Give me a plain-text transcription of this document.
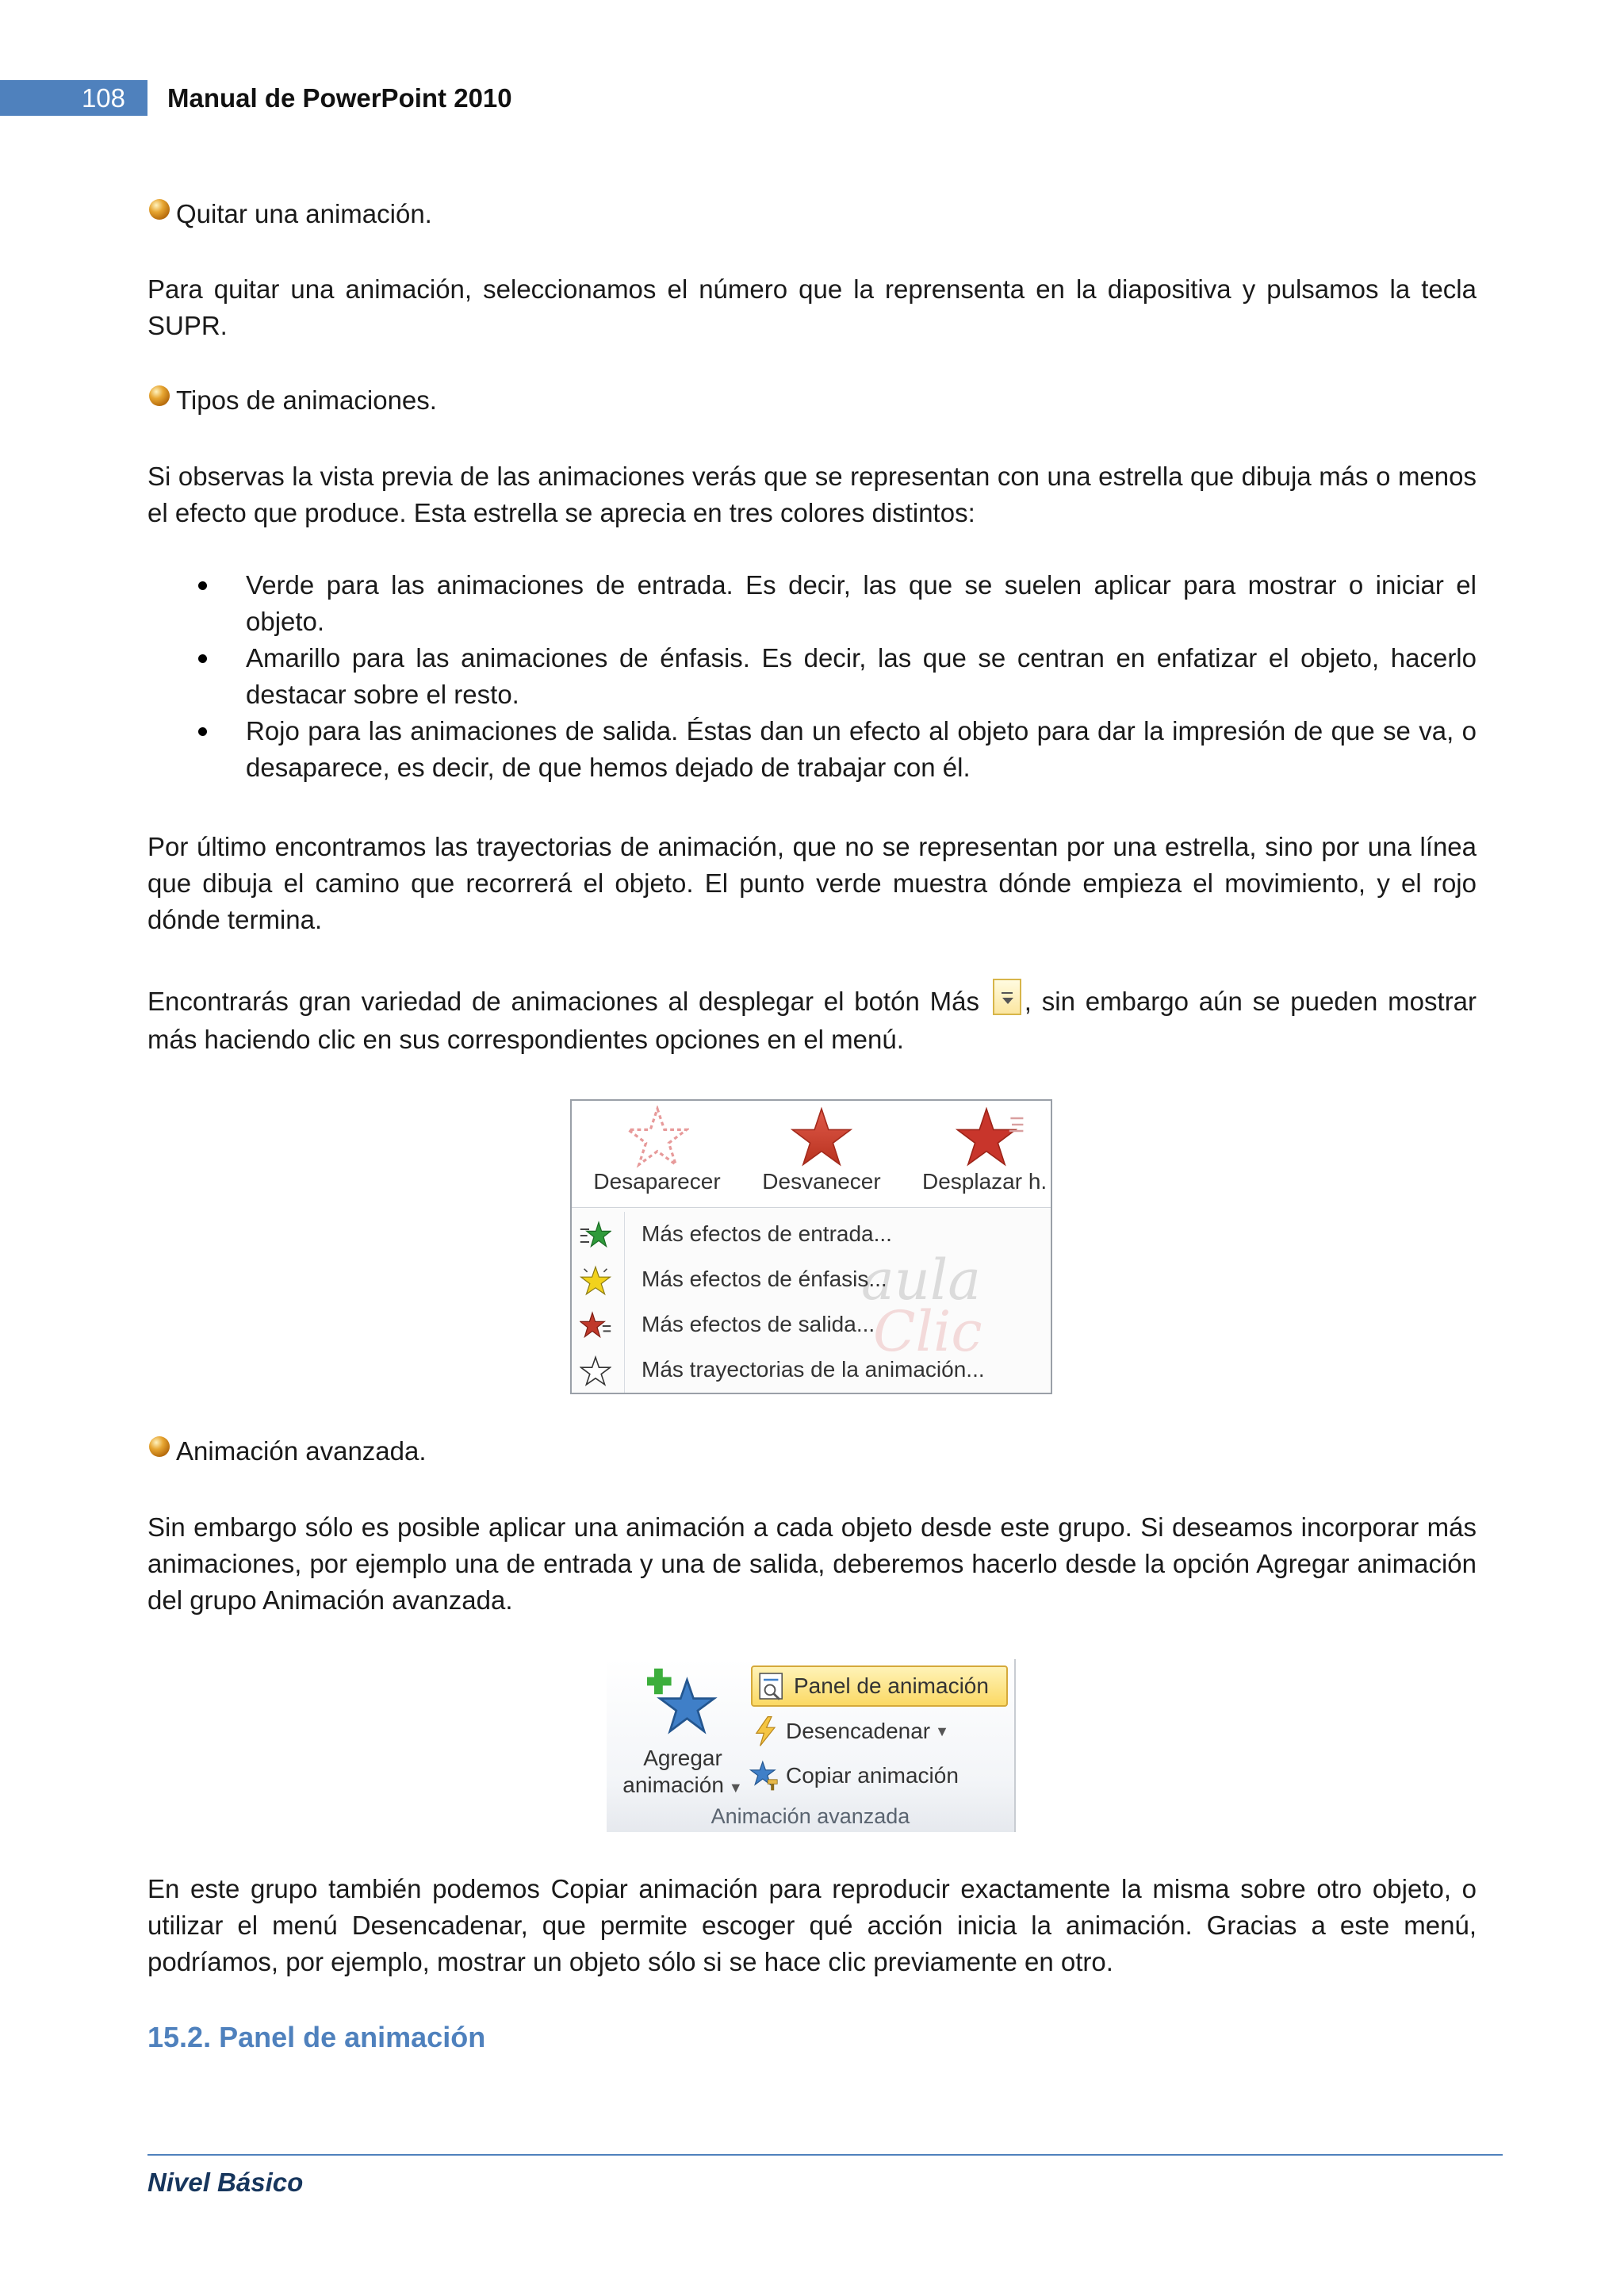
108	Manual de PowerPoint 2010
Quitar una animación.

Para quitar una animación, seleccionamos el número que la reprensenta en la diapositiva y pulsamos la tecla SUPR.

Tipos de animaciones.

Si observas la vista previa de las animaciones verás que se representan con una estrella que dibuja más o menos el efecto que produce. Esta estrella se aprecia en tres colores distintos:

Verde para las animaciones de entrada. Es decir, las que se suelen aplicar para mostrar o iniciar el objeto.
Amarillo para las animaciones de énfasis. Es decir, las que se centran en enfatizar el objeto, hacerlo destacar sobre el resto.
Rojo para las animaciones de salida. Éstas dan un efecto al objeto para dar la impresión de que se va, o desaparece, es decir, de que hemos dejado de trabajar con él.

Por último encontramos las trayectorias de animación, que no se representan por una estrella, sino por una línea que dibuja el camino que recorrerá el objeto. El punto verde muestra dónde empieza el movimiento, y el rojo dónde termina.

Encontrarás gran variedad de animaciones al desplegar el botón Más , sin embargo aún se pueden mostrar más haciendo clic en sus correspondientes opciones en el menú.

Desaparecer	Desvanecer	Desplazar h.
aula
Clic
Más efectos de entrada...
Más efectos de énfasis...
Más efectos de salida...
Más trayectorias de la animación...
Animación avanzada.

Sin embargo sólo es posible aplicar una animación a cada objeto desde este grupo. Si deseamos incorporar más animaciones, por ejemplo una de entrada y una de salida, deberemos hacerlo desde la opción Agregar animación del grupo Animación avanzada.

Agregar
animación ▼
Panel de animación
Desencadenar ▼
Copiar animación
Animación avanzada

En este grupo también podemos Copiar animación para reproducir exactamente la misma sobre otro objeto, o utilizar el menú Desencadenar, que permite escoger qué acción inicia la animación. Gracias a este menú, podríamos, por ejemplo, mostrar un objeto sólo si se hace clic previamente en otro.

15.2. Panel de animación
Nivel Básico
